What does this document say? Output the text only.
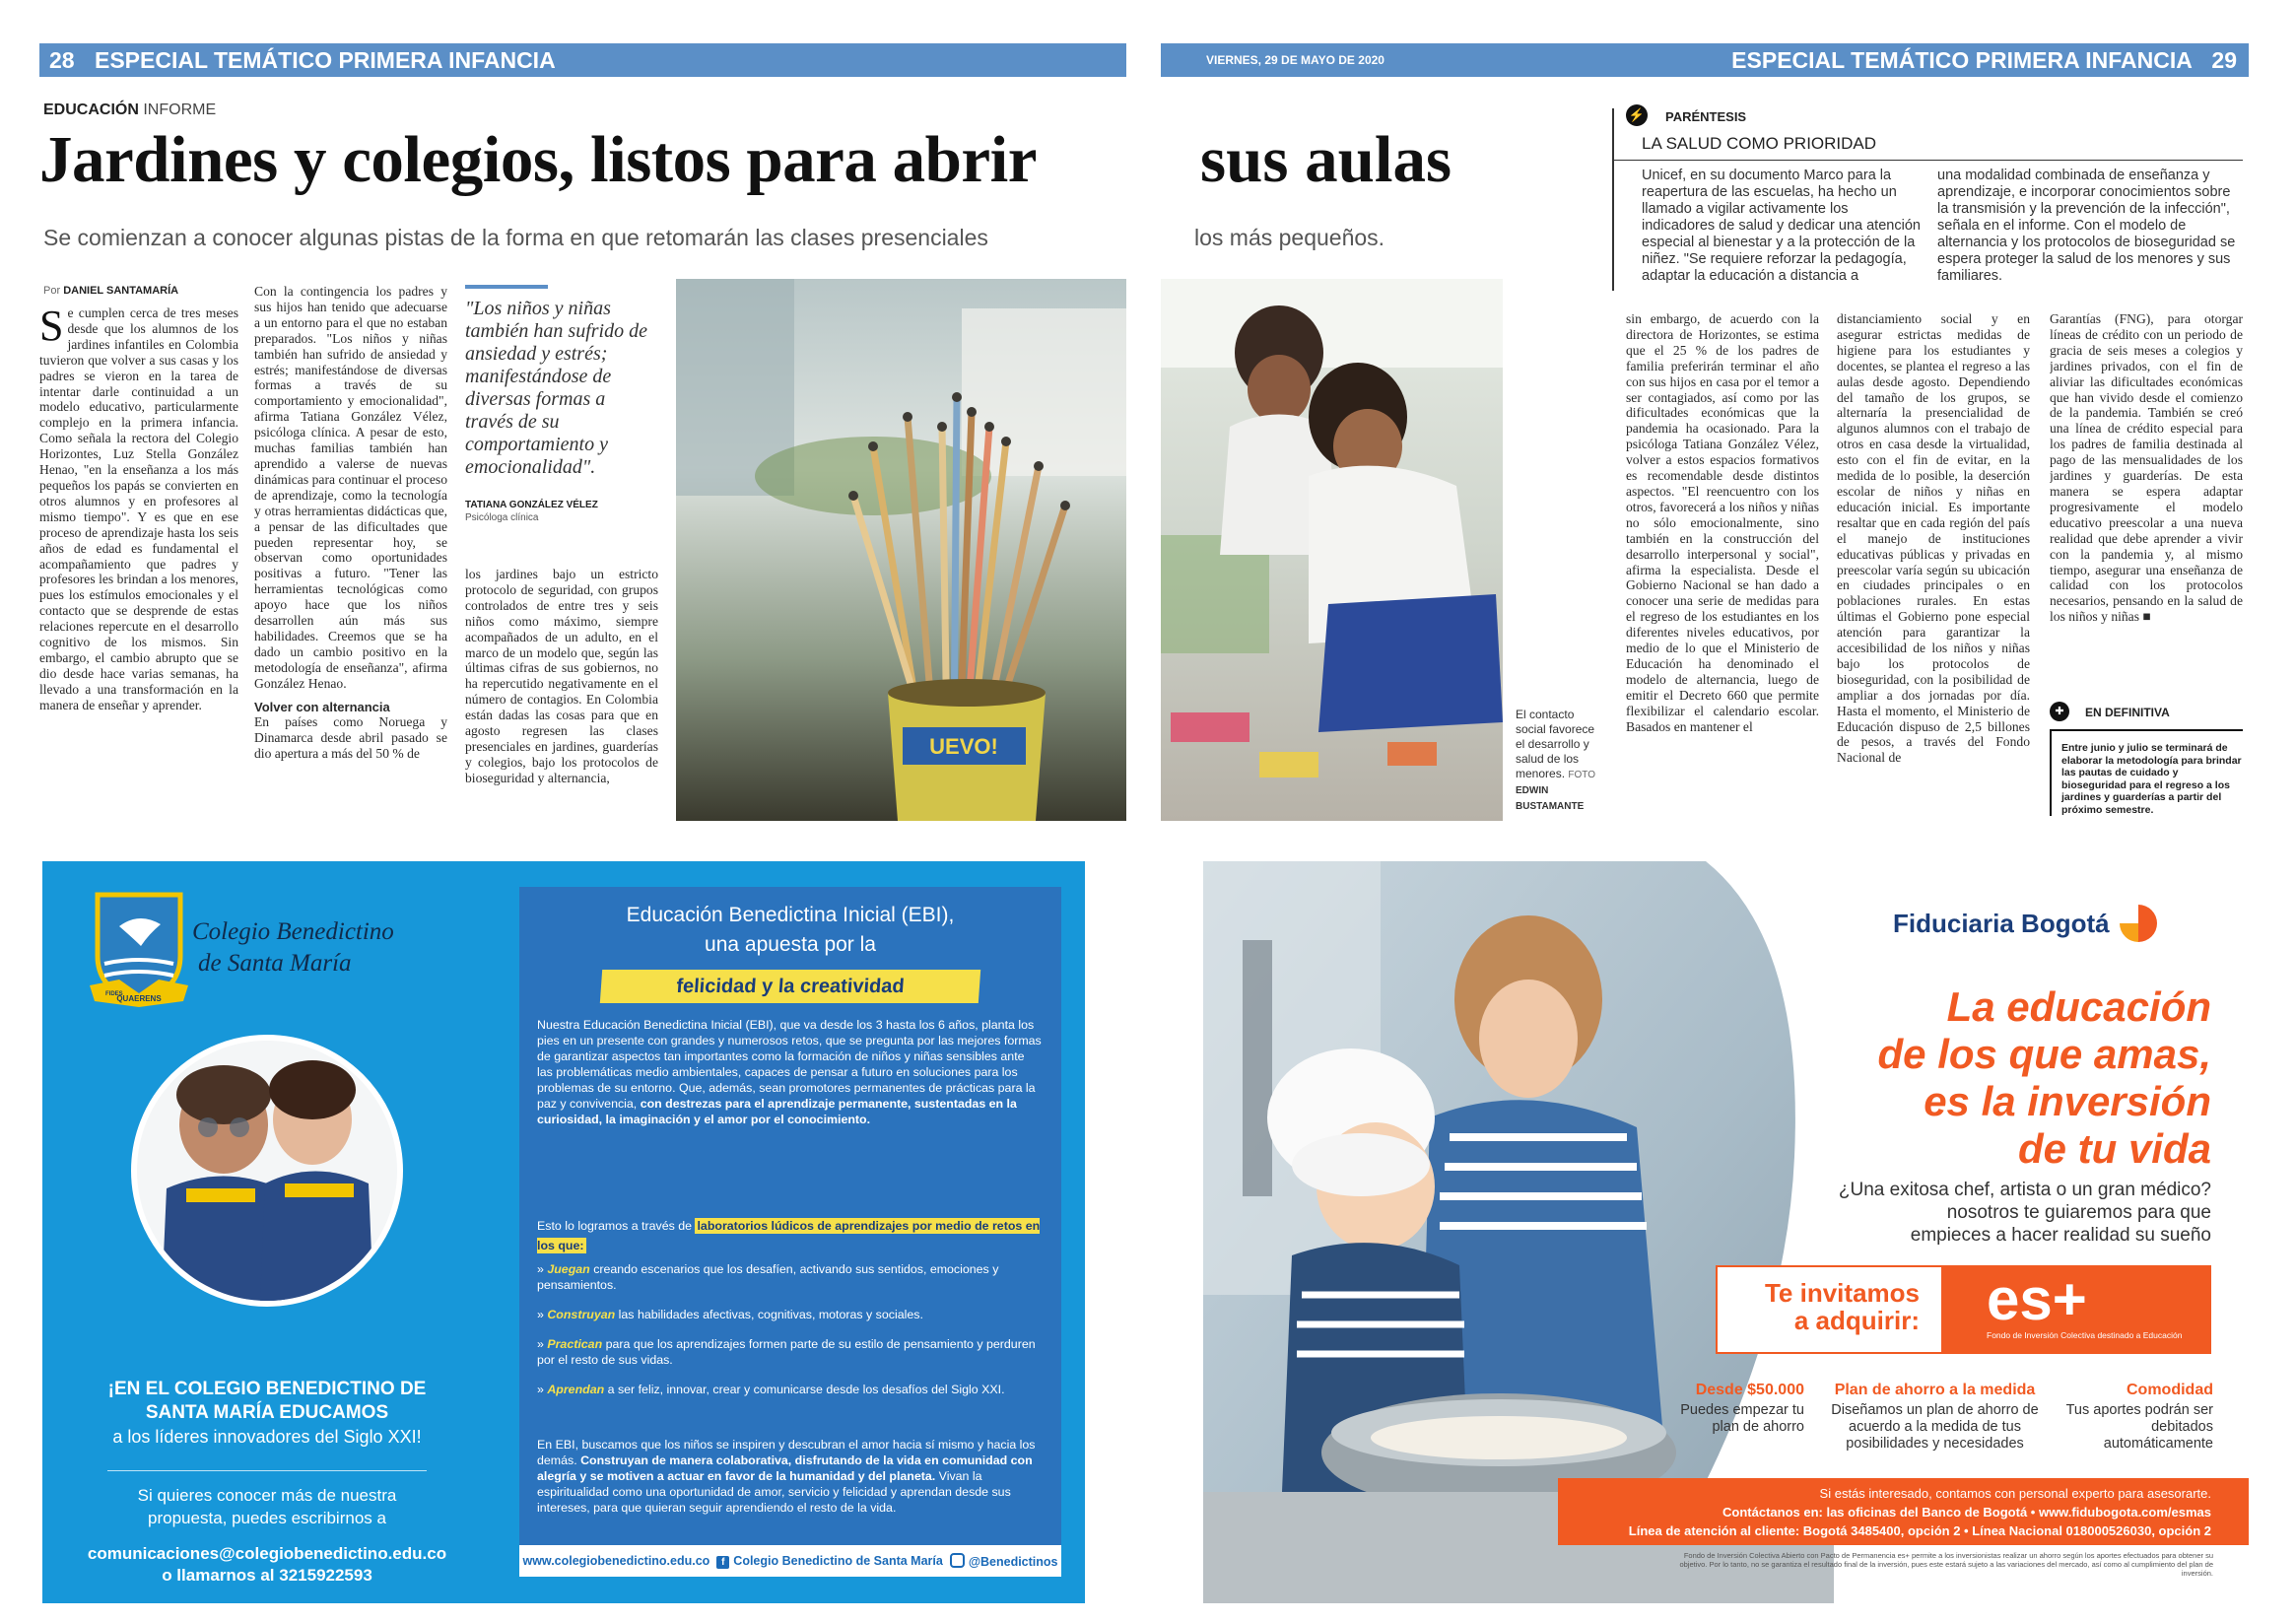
28 ESPECIAL TEMÁTICO PRIMERA INFANCIA	VIERNES, 29 DE MAYO DE 2020	ESPECIAL TEMÁTICO PRIMERA INFANCIA 29
EDUCACIÓN INFORME
Jardines y colegios, listos para abrir sus aulas
Se comienzan a conocer algunas pistas de la forma en que retomarán las clases presenciales	los más pequeños.
Por DANIEL SANTAMARÍA
S e cumplen cerca de tres meses desde que los alumnos de los jardines infantiles en Colombia tuvieron que volver a sus casas y los padres se vieron en la tarea de intentar darle continuidad a un modelo educativo, particularmente complejo en la primera infancia. Como señala la rectora del Colegio Horizontes, Luz Stella González Henao, "en la enseñanza a los más pequeños los papás se convierten en otros alumnos y en profesores al mismo tiempo". Y es que en ese proceso de aprendizaje hasta los seis años de edad es fundamental el acompañamiento que padres y profesores les brindan a los menores, pues los estímulos emocionales y el contacto que se desprende de estas relaciones repercute en el desarrollo cognitivo de los mismos. Sin embargo, el cambio abrupto que se dio desde hace varias semanas, ha llevado a una transformación en la manera de enseñar y aprender.

Con la contingencia los padres y sus hijos han tenido que adecuarse a un entorno para el que no estaban preparados. "Los niños y niñas también han sufrido de ansiedad y estrés; manifestándose de diversas formas a través de su comportamiento y emocionalidad", afirma Tatiana González Vélez, psicóloga clínica. A pesar de esto, muchas familias también han aprendido a valerse de nuevas dinámicas para continuar el proceso de aprendizaje, como la tecnología y otras herramientas didácticas que, a pensar de las dificultades que pueden representar hoy, se observan como oportunidades positivas a futuro. "Tener las herramientas tecnológicas como apoyo hace que los niños desarrollen aún más sus habilidades. Creemos que se ha dado un cambio positivo en la metodología de enseñanza", afirma González Henao.

Volver con alternancia

En países como Noruega y Dinamarca desde abril pasado se dio apertura a más del 50 % de

"Los niños y niñas también han sufrido de ansiedad y estrés; manifestándose de diversas formas a través de su comportamiento y emocionalidad".
TATIANA GONZÁLEZ VÉLEZ
Psicóloga clínica
los jardines bajo un estricto protocolo de seguridad, con grupos controlados de entre tres y seis niños como máximo, siempre acompañados de un adulto, en el marco de un modelo que, según las últimas cifras de sus gobiernos, no ha repercutido negativamente en el número de contagios. En Colombia están dadas las cosas para que en agosto regresen las clases presenciales en jardines, guarderías y colegios, bajo los protocolos de bioseguridad y alternancia,
UEVO!
⚡ PARÉNTESIS
LA SALUD COMO PRIORIDAD
Unicef, en su documento Marco para la reapertura de las escuelas, ha hecho un llamado a vigilar activamente los indicadores de salud y dedicar una atención especial al bienestar y a la protección de la niñez. "Se requiere reforzar la pedagogía, adaptar la educación a distancia a
una modalidad combinada de enseñanza y aprendizaje, e incorporar conocimientos sobre la transmisión y la prevención de la infección", señala en el informe. Con el modelo de alternancia y los protocolos de bioseguridad se espera proteger la salud de los menores y sus familiares.
El contacto social favorece el desarrollo y salud de los menores. FOTO EDWIN BUSTAMANTE
sin embargo, de acuerdo con la directora de Horizontes, se estima que el 25 % de los padres de familia preferirán terminar el año con sus hijos en casa por el temor a ser contagiados, así como por las dificultades económicas que la pandemia ha ocasionado. Para la psicóloga Tatiana González Vélez, volver a estos espacios formativos es recomendable desde distintos aspectos. "El reencuentro con los otros, favorecerá a los niños y niñas no sólo emocionalmente, sino también en la construcción del desarrollo interpersonal y social", afirma la especialista. Desde el Gobierno Nacional se han dado a conocer una serie de medidas para el regreso de los estudiantes en los diferentes niveles educativos, por medio de lo que el Ministerio de Educación ha denominado el modelo de alternancia, luego de emitir el Decreto 660 que permite flexibilizar el calendario escolar. Basados en mantener el
distanciamiento social y en asegurar estrictas medidas de higiene para los estudiantes y docentes, se plantea el regreso a las aulas desde agosto. Dependiendo del tamaño de los grupos, se alternaría la presencialidad de algunos alumnos con el trabajo de otros en casa desde la virtualidad, esto con el fin de evitar, en la medida de lo posible, la deserción escolar de niños y niñas en educación inicial. Es importante resaltar que en cada región del país el manejo de instituciones educativas públicas y privadas en preescolar varía según su ubicación en ciudades principales o en poblaciones rurales. En estas últimas el Gobierno pone especial atención para garantizar la accesibilidad de los niños y niñas bajo los protocolos de bioseguridad, con la posibilidad de ampliar a dos jornadas por día. Hasta el momento, el Ministerio de Educación dispuso de 2,5 billones de pesos, a través del Fondo Nacional de
Garantías (FNG), para otorgar líneas de crédito con un periodo de gracia de seis meses a colegios y jardines privados, con el fin de aliviar las dificultades económicas que han vivido desde el comienzo de la pandemia. También se creó una línea de crédito especial para los padres de familia destinada al pago de las mensualidades de los jardines y guarderías. De esta manera se espera adaptar progresivamente el modelo educativo preescolar a una nueva realidad que debe aprender a vivir con la pandemia y, al mismo tiempo, asegurar una enseñanza de calidad con los protocolos necesarios, pensando en la salud de los niños y niñas ■
✚	EN DEFINITIVA
Entre junio y julio se terminará de elaborar la metodología para brindar las pautas de cuidado y bioseguridad para el regreso a los jardines y guarderías a partir del próximo semestre.
QUAERENS
FIDES
Colegio Benedictino
de Santa María
¡EN EL COLEGIO BENEDICTINO DE
SANTA MARÍA EDUCAMOS
a los líderes innovadores del Siglo XXI!
Si quieres conocer más de nuestra
propuesta, puedes escribirnos a
comunicaciones@colegiobenedictino.edu.co
o llamarnos al 3215922593
Educación Benedictina Inicial (EBI),
una apuesta por la
felicidad y la creatividad
Nuestra Educación Benedictina Inicial (EBI), que va desde los 3 hasta los 6 años, planta los pies en un presente con grandes y numerosos retos, que se pregunta por las mejores formas de garantizar aspectos tan importantes como la formación de niños y niñas sensibles ante las problemáticas medio ambientales, capaces de pensar a futuro en soluciones para los problemas de su entorno. Que, además, sean promotores permanentes de prácticas para la paz y convivencia, con destrezas para el aprendizaje permanente, sustentadas en la curiosidad, la imaginación y el amor por el conocimiento.
Esto lo logramos a través de laboratorios lúdicos de aprendizajes por medio de retos en los que:
» Juegan creando escenarios que los desafíen, activando sus sentidos, emociones y pensamientos.
» Construyan las habilidades afectivas, cognitivas, motoras y sociales.
» Practican para que los aprendizajes formen parte de su estilo de pensamiento y perduren por el resto de sus vidas.
» Aprendan a ser feliz, innovar, crear y comunicarse desde los desafíos del Siglo XXI.
En EBI, buscamos que los niños se inspiren y descubran el amor hacia sí mismo y hacia los demás. Construyan de manera colaborativa, disfrutando de la vida en comunidad con alegría y se motiven a actuar en favor de la humanidad y del planeta. Vivan la espiritualidad como una oportunidad de amor, servicio y felicidad y aprendan desde sus intereses, para que quieran seguir aprendiendo el resto de la vida.
www.colegiobenedictino.edu.co	f Colegio Benedictino de Santa María	@Benedictinos
Fiduciaria Bogotá
La educación
de los que amas,
es la inversión
de tu vida
¿Una exitosa chef, artista o un gran médico?
nosotros te guiaremos para que
empieces a hacer realidad su sueño
Te invitamos
a adquirir: es+
Fondo de Inversión Colectiva destinado a Educación
Desde $50.000
Puedes empezar tu plan de ahorro
Plan de ahorro a la medida
Diseñamos un plan de ahorro de acuerdo a la medida de tus posibilidades y necesidades
Comodidad
Tus aportes podrán ser debitados automáticamente
Si estás interesado, contamos con personal experto para asesorarte.
Contáctanos en: las oficinas del Banco de Bogotá • www.fidubogota.com/esmas
Línea de atención al cliente: Bogotá 3485400, opción 2 • Línea Nacional 018000526030, opción 2
Fondo de Inversión Colectiva Abierto con Pacto de Permanencia es+ permite a los inversionistas realizar un ahorro según los aportes efectuados para obtener su objetivo. Por lo tanto, no se garantiza el resultado final de la inversión, pues este estará sujeto a las variaciones del mercado, así como al cumplimiento del plan de inversión.
